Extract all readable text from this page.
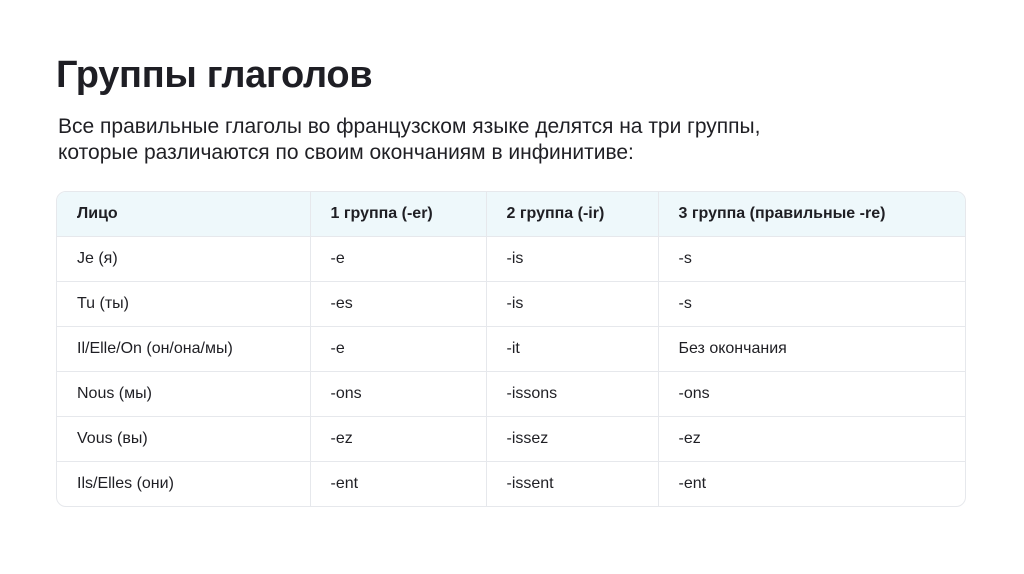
Группы глаголов

Все правильные глаголы во французском языке делятся на три группы, которые различаются по своим окончаниям в инфинитиве:

Лицо	1 группа (-er)	2 группа (-ir)	3 группа (правильные -re)
Je (я)	-e	-is	-s
Tu (ты)	-es	-is	-s
Il/Elle/On (он/она/мы)	-e	-it	Без окончания
Nous (мы)	-ons	-issons	-ons
Vous (вы)	-ez	-issez	-ez
Ils/Elles (они)	-ent	-issent	-ent
